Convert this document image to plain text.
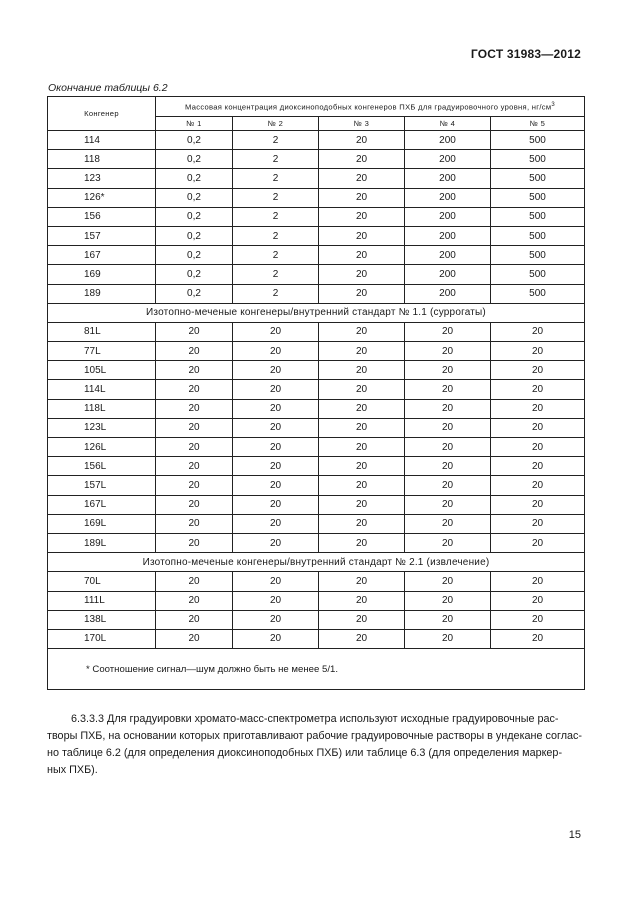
ГОСТ 31983—2012
Окончание таблицы 6.2
Конгенер	Массовая концентрация диоксиноподобных конгенеров ПХБ для градуировочного уровня, $нг/см^3$
	№ 1	№ 2	№ 3	№ 4	№ 5
114	0,2	2	20	200	500
118	0,2	2	20	200	500
123	0,2	2	20	200	500
126*	0,2	2	20	200	500
156	0,2	2	20	200	500
157	0,2	2	20	200	500
167	0,2	2	20	200	500
169	0,2	2	20	200	500
189	0,2	2	20	200	500
Изотопно-меченые конгенеры/внутренний стандарт № 1.1 (суррогаты)					
81L	20	20	20	20	20
77L	20	20	20	20	20
105L	20	20	20	20	20
114L	20	20	20	20	20
118L	20	20	20	20	20
123L	20	20	20	20	20
126L	20	20	20	20	20
156L	20	20	20	20	20
157L	20	20	20	20	20
167L	20	20	20	20	20
169L	20	20	20	20	20
189L	20	20	20	20	20
Изотопно-меченые конгенеры/внутренний стандарт № 2.1 (извлечение)					
70L	20	20	20	20	20
111L	20	20	20	20	20
138L	20	20	20	20	20
170L	20	20	20	20	20
* Соотношение сигнал—шум должно быть не менее 5/1.					
6.3.3.3 Для градуировки хромато-масс-спектрометра используют исходные градуировочные рас-
творы ПХБ, на основании которых приготавливают рабочие градуировочные растворы в ундекане соглас-
но таблице 6.2 (для определения диоксиноподобных ПХБ) или таблице 6.3 (для определения маркер-
ных ПХБ).
15
